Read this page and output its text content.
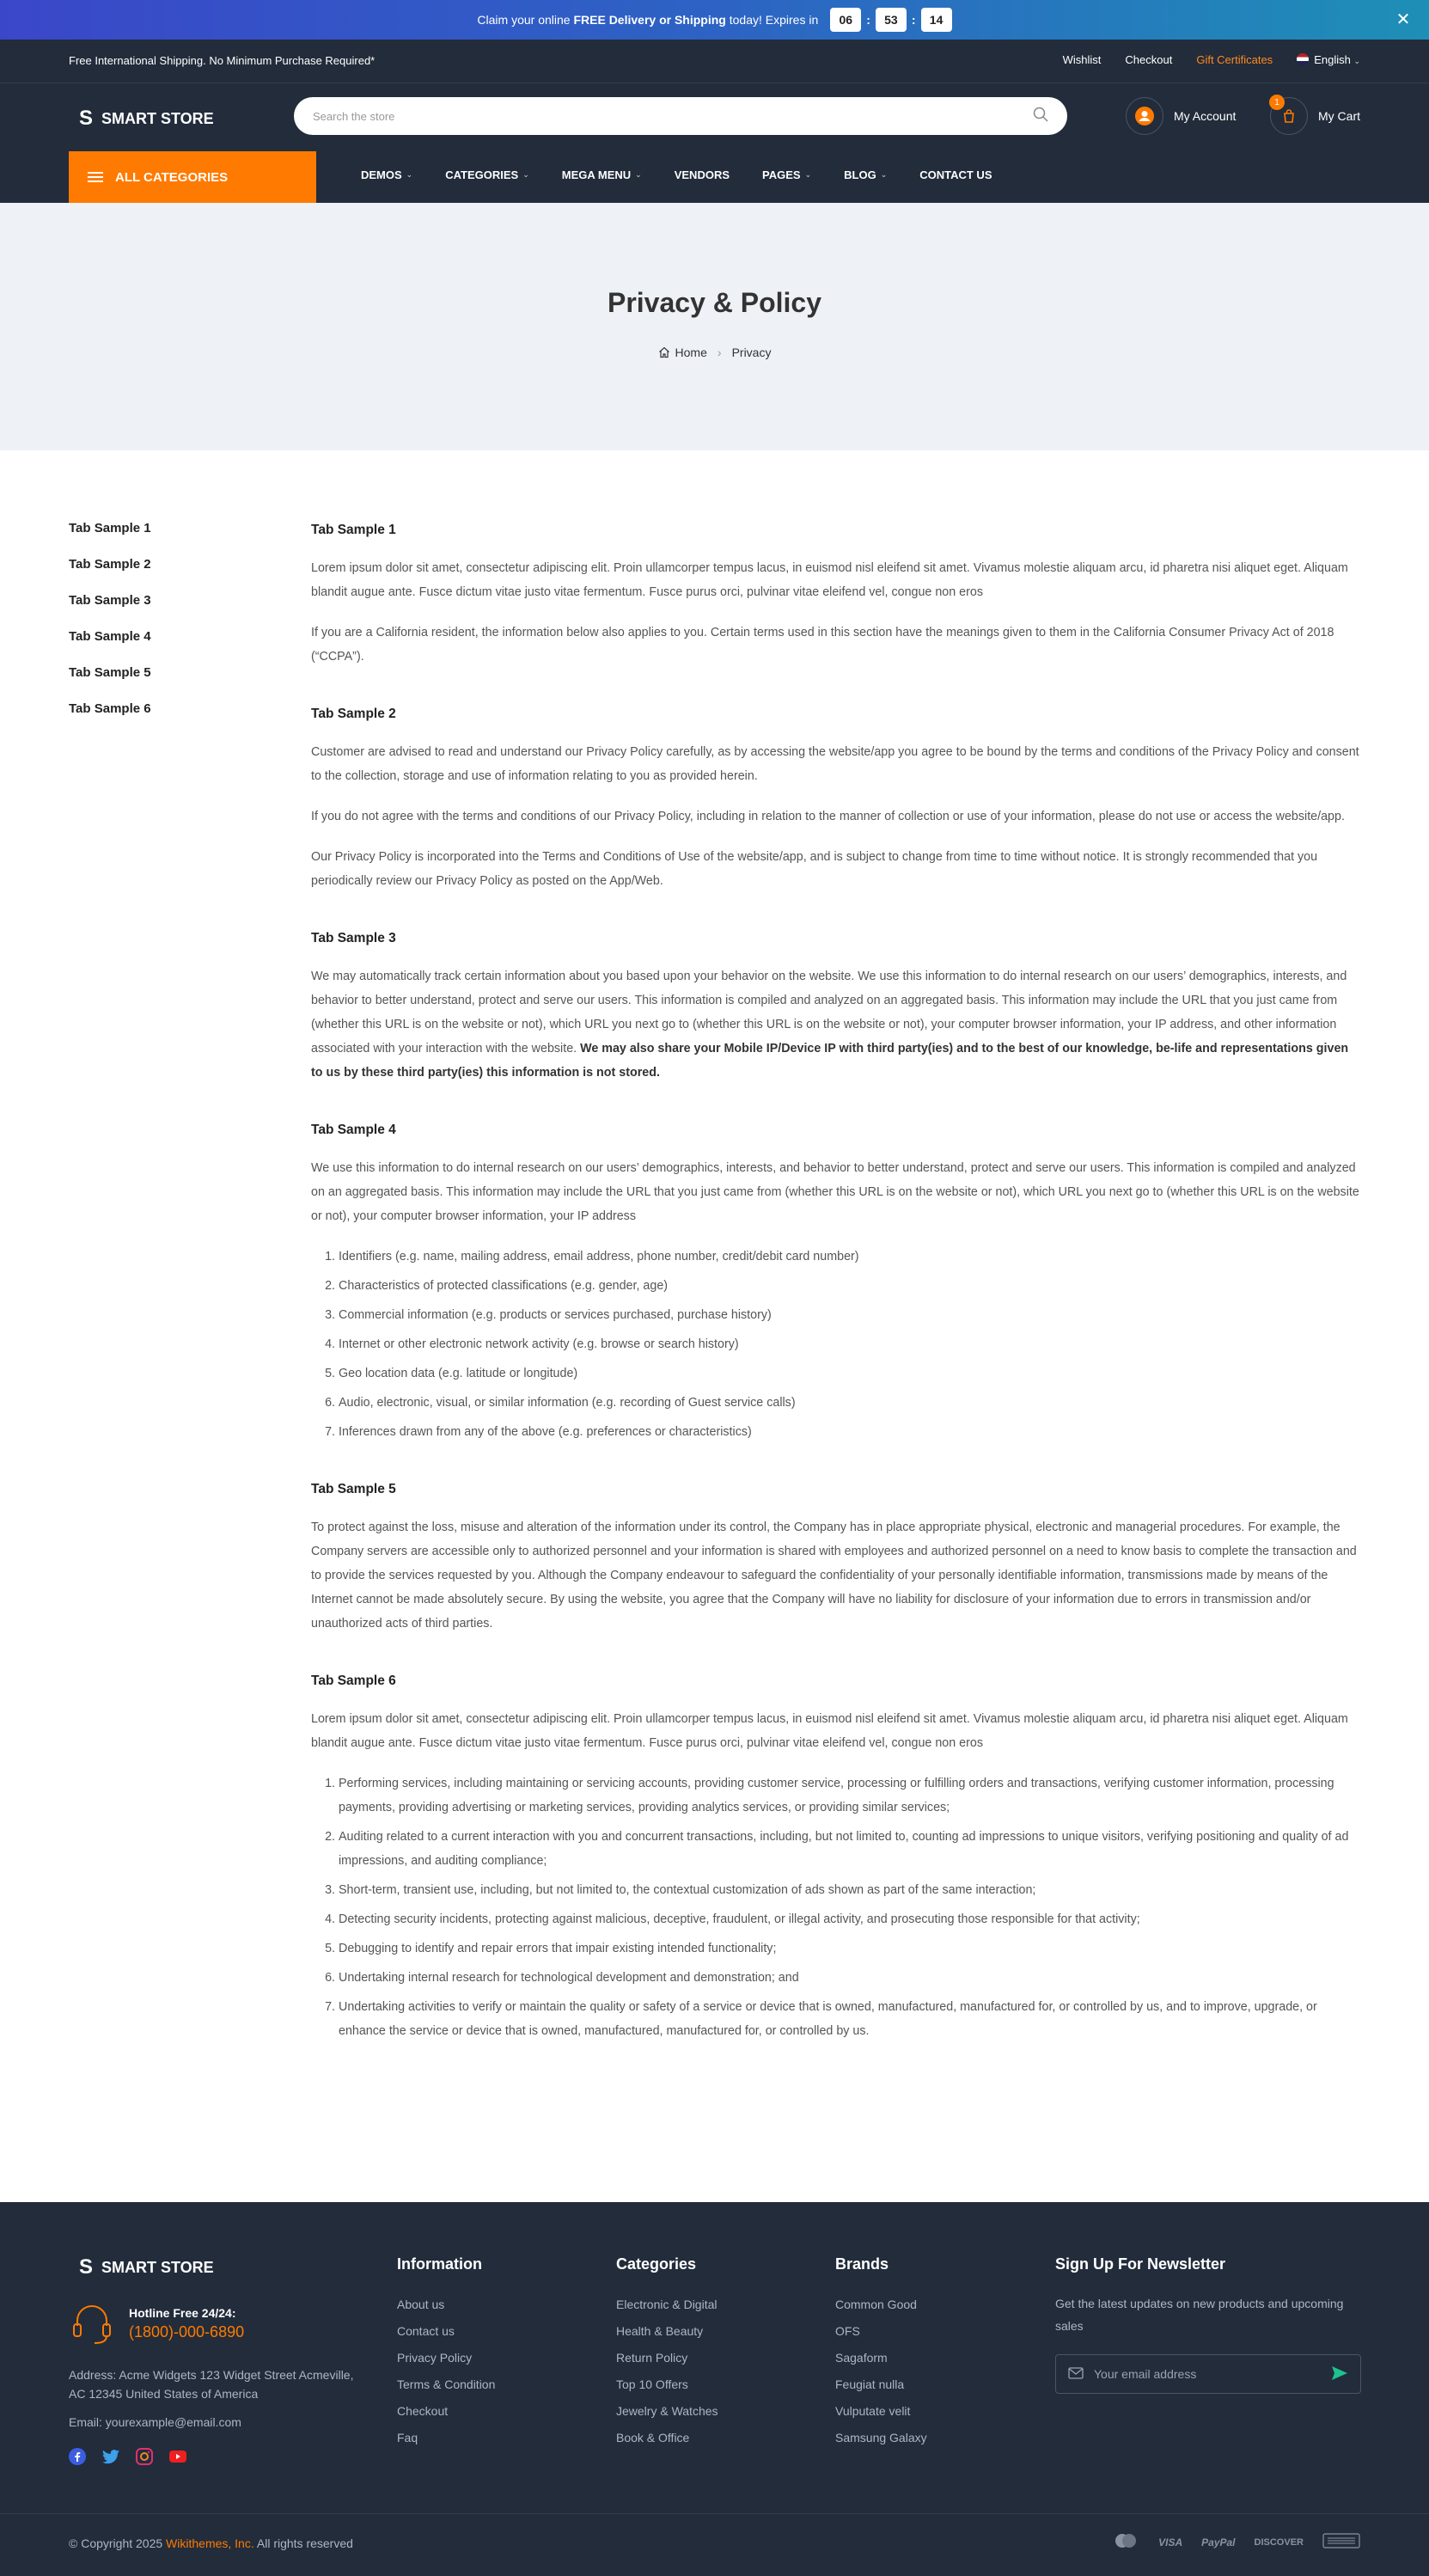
Claim your online FREE Delivery or Shipping today! Expires in	06	:	53	:	14	✕
Free International Shipping. No Minimum Purchase Required*	Wishlist Checkout Gift Certificates	English ⌄
S SMART STORE
Search the store	My Account
1
My Cart
ALL CATEGORIES	DEMOS ⌄	CATEGORIES ⌄	MEGA MENU ⌄	VENDORS	PAGES ⌄	BLOG ⌄	CONTACT US
Privacy & Policy
Home › Privacy
Tab Sample 1
Tab Sample 2
Tab Sample 3
Tab Sample 4
Tab Sample 5
Tab Sample 6
Tab Sample 1

Lorem ipsum dolor sit amet, consectetur adipiscing elit. Proin ullamcorper tempus lacus, in euismod nisl eleifend sit amet. Vivamus molestie aliquam arcu, id pharetra nisi aliquet eget. Aliquam blandit augue ante. Fusce dictum vitae justo vitae fermentum. Fusce purus orci, pulvinar vitae eleifend vel, congue non eros

If you are a California resident, the information below also applies to you. Certain terms used in this section have the meanings given to them in the California Consumer Privacy Act of 2018 (“CCPA”).

Tab Sample 2

Customer are advised to read and understand our Privacy Policy carefully, as by accessing the website/app you agree to be bound by the terms and conditions of the Privacy Policy and consent to the collection, storage and use of information relating to you as provided herein.

If you do not agree with the terms and conditions of our Privacy Policy, including in relation to the manner of collection or use of your information, please do not use or access the website/app.

Our Privacy Policy is incorporated into the Terms and Conditions of Use of the website/app, and is subject to change from time to time without notice. It is strongly recommended that you periodically review our Privacy Policy as posted on the App/Web.

Tab Sample 3

We may automatically track certain information about you based upon your behavior on the website. We use this information to do internal research on our users’ demographics, interests, and behavior to better understand, protect and serve our users. This information is compiled and analyzed on an aggregated basis. This information may include the URL that you just came from (whether this URL is on the website or not), which URL you next go to (whether this URL is on the website or not), your computer browser information, your IP address, and other information associated with your interaction with the website. We may also share your Mobile IP/Device IP with third party(ies) and to the best of our knowledge, be-life and representations given to us by these third party(ies) this information is not stored.

Tab Sample 4

We use this information to do internal research on our users’ demographics, interests, and behavior to better understand, protect and serve our users. This information is compiled and analyzed on an aggregated basis. This information may include the URL that you just came from (whether this URL is on the website or not), which URL you next go to (whether this URL is on the website or not), your computer browser information, your IP address

1. Identifiers (e.g. name, mailing address, email address, phone number, credit/debit card number)
2. Characteristics of protected classifications (e.g. gender, age)
3. Commercial information (e.g. products or services purchased, purchase history)
4. Internet or other electronic network activity (e.g. browse or search history)
5. Geo location data (e.g. latitude or longitude)
6. Audio, electronic, visual, or similar information (e.g. recording of Guest service calls)
7. Inferences drawn from any of the above (e.g. preferences or characteristics)
Tab Sample 5

To protect against the loss, misuse and alteration of the information under its control, the Company has in place appropriate physical, electronic and managerial procedures. For example, the Company servers are accessible only to authorized personnel and your information is shared with employees and authorized personnel on a need to know basis to complete the transaction and to provide the services requested by you. Although the Company endeavour to safeguard the confidentiality of your personally identifiable information, transmissions made by means of the Internet cannot be made absolutely secure. By using the website, you agree that the Company will have no liability for disclosure of your information due to errors in transmission and/or unauthorized acts of third parties.

Tab Sample 6

Lorem ipsum dolor sit amet, consectetur adipiscing elit. Proin ullamcorper tempus lacus, in euismod nisl eleifend sit amet. Vivamus molestie aliquam arcu, id pharetra nisi aliquet eget. Aliquam blandit augue ante. Fusce dictum vitae justo vitae fermentum. Fusce purus orci, pulvinar vitae eleifend vel, congue non eros

1. Performing services, including maintaining or servicing accounts, providing customer service, processing or fulfilling orders and transactions, verifying customer information, processing payments, providing advertising or marketing services, providing analytics services, or providing similar services;
2. Auditing related to a current interaction with you and concurrent transactions, including, but not limited to, counting ad impressions to unique visitors, verifying positioning and quality of ad impressions, and auditing compliance;
3. Short-term, transient use, including, but not limited to, the contextual customization of ads shown as part of the same interaction;
4. Detecting security incidents, protecting against malicious, deceptive, fraudulent, or illegal activity, and prosecuting those responsible for that activity;
5. Debugging to identify and repair errors that impair existing intended functionality;
6. Undertaking internal research for technological development and demonstration; and
7. Undertaking activities to verify or maintain the quality or safety of a service or device that is owned, manufactured, manufactured for, or controlled by us, and to improve, upgrade, or enhance the service or device that is owned, manufactured, manufactured for, or controlled by us.
S SMART STORE
Hotline Free 24/24:
(1800)-000-6890
Address: Acme Widgets 123 Widget Street Acmeville, AC 12345 United States of America
Email: yourexample@email.com
Information
About us
Contact us
Privacy Policy
Terms & Condition
Checkout
Faq
Categories
Electronic & Digital
Health & Beauty
Return Policy
Top 10 Offers
Jewelry & Watches
Book & Office
Brands
Common Good
OFS
Sagaform
Feugiat nulla
Vulputate velit
Samsung Galaxy
Sign Up For Newsletter
Get the latest updates on new products and upcoming sales
Your email address
© Copyright 2025 Wikithemes, Inc. All rights reserved	VISA PayPal DISCOVER
